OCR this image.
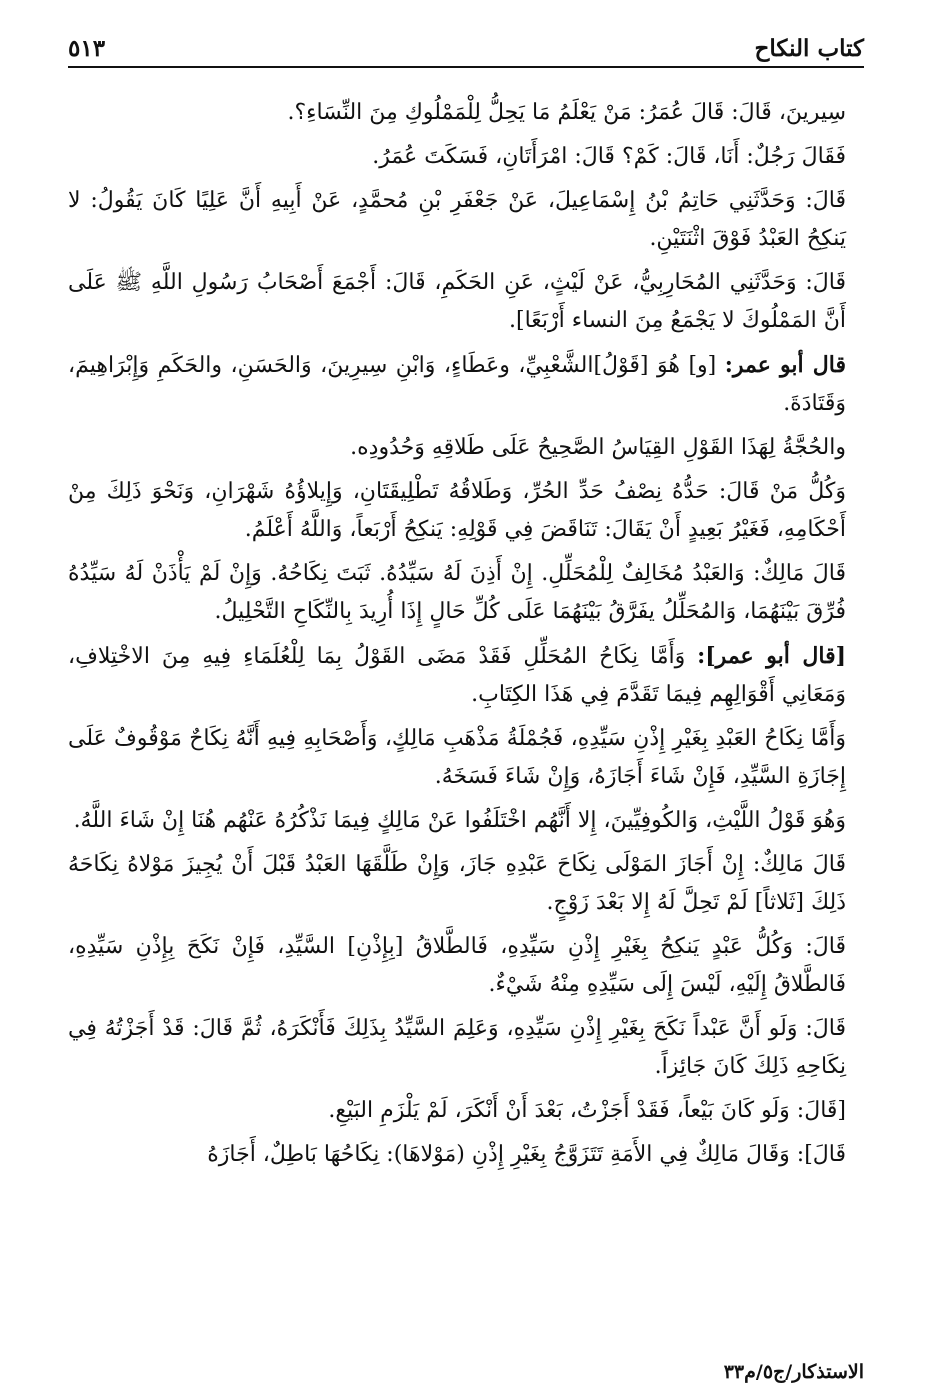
كتاب النكاح
٥١٣

سِيرينَ، قَالَ: قَالَ عُمَرُ: مَنْ يَعْلَمُ مَا يَحِلُّ لِلْمَمْلُوكِ مِنَ النِّسَاءِ؟.

فَقَالَ رَجُلٌ: أَنَا، قَالَ: كَمْ؟ قَالَ: امْرَأَتَانِ، فَسَكَتَ عُمَرُ.

قَالَ: وَحَدَّثَنِي حَاتِمُ بْنُ إِسْمَاعِيلَ، عَنْ جَعْفَرِ بْنِ مُحمَّدٍ، عَنْ أَبِيهِ أَنَّ عَلِيًا كَانَ يَقُولُ: لا يَنكِحُ العَبْدُ فَوْقَ اثْنَتَيْنِ.

قَالَ: وَحَدَّثَنِي المُحَارِبِيُّ، عَنْ لَيْثٍ، عَنِ الحَكَمِ، قَالَ: أَجْمَعَ أَصْحَابُ رَسُولِ اللَّهِ ﷺ عَلَى أَنَّ المَمْلُوكَ لا يَجْمَعُ مِنَ النساء أَرْبَعًا].

قال أبو عمر: [و] هُوَ [قَوْلُ]الشَّعْبِيِّ، وعَطَاءٍ، وَابْنِ سِيرِينَ، وَالحَسَنِ، والحَكَمِ وَإِبْرَاهِيمَ، وَقَتَادَةَ.

والحُجَّةُ لِهَذَا القَوْلِ القِيَاسُ الصَّحِيحُ عَلَى طَلاقِهِ وَحُدُودِه.

وَكُلُّ مَنْ قَالَ: حَدُّهُ نِصْفُ حَدِّ الحُرِّ، وَطَلاقُهُ تَطْلِيقَتَانِ، وَإِيلاؤُهُ شَهْرَانِ، وَنَحْوَ ذَلِكَ مِنْ أَحْكَامِهِ، فَغَيْرُ بَعِيدٍ أَنْ يَقَالَ: تَنَاقَضَ فِي قَوْلِهِ: يَنكِحُ أَرْبَعاً، وَاللَّهُ أَعْلَمُ.

قَالَ مَالِكٌ: وَالعَبْدُ مُخَالِفٌ لِلْمُحَلِّلِ. إِنْ أَذِنَ لَهُ سَيِّدُهُ. ثَبَتَ نِكَاحُهُ. وَإِنْ لَمْ يَأْذَنْ لَهُ سَيِّدُهُ فُرِّقَ بَيْنَهُمَا، وَالمُحَلِّلُ يفَرَّقُ بَيْنَهُمَا عَلَى كُلِّ حَالٍ إِذَا أُرِيدَ بِالنِّكَاحِ التَّحْلِيلُ.

[قال أبو عمر]: وَأَمَّا نِكَاحُ المُحَلِّلِ فَقَدْ مَضَى القَوْلُ بِمَا لِلْعُلَمَاءِ فِيهِ مِنَ الاخْتِلافِ، وَمَعَانِي أَقْوَالِهِم فِيمَا تَقَدَّمَ فِي هَذَا الكِتَابِ.

وَأَمَّا نِكَاحُ العَبْدِ بِغَيْرِ إِذْنِ سَيِّدِهِ، فَجُمْلَةُ مَذْهَبِ مَالِكٍ، وَأَصْحَابِهِ فِيهِ أَنَّهُ نِكَاحٌ مَوْقُوفٌ عَلَى إِجَازَةِ السَّيِّدِ، فَإِنْ شَاءَ أَجَازَهُ، وَإِنْ شَاءَ فَسَخَهُ.

وَهُوَ قَوْلُ اللَّيْثِ، وَالكُوفِيِّينَ، إِلا أَنَّهُم اخْتَلَفُوا عَنْ مَالِكٍ فِيمَا نَذْكُرُهُ عَنْهُم هُنَا إِنْ شَاءَ اللَّهُ.

قَالَ مَالِكٌ: إِنْ أَجَازَ المَوْلَى نِكَاحَ عَبْدِهِ جَازَ، وَإِنْ طَلَّقَهَا العَبْدُ قَبْلَ أَنْ يُجِيزَ مَوْلاهُ نِكَاحَهُ ذَلِكَ [ثَلاثاً] لَمْ تَحِلَّ لَهُ إِلا بَعْدَ زَوْجٍ.

قَالَ: وَكُلُّ عَبْدٍ يَنكِحُ بِغَيْرِ إِذْنِ سَيِّدِهِ، فَالطَّلاقُ [بِإِذْنِ] السَّيِّدِ، فَإِنْ نَكَحَ بِإِذْنِ سَيِّدِهِ، فَالطَّلاقُ إِلَيْهِ، لَيْسَ إِلَى سَيِّدِهِ مِنْهُ شَيْءٌ.

قَالَ: وَلَو أَنَّ عَبْداً نَكَحَ بِغَيْرِ إِذْنِ سَيِّدِهِ، وَعَلِمَ السَّيِّدُ بِذَلِكَ فَأَنْكَرَهُ، ثُمَّ قَالَ: قَدْ أَجَزْتُهُ فِي نِكَاحِهِ ذَلِكَ كَانَ جَائِزاً.

[قَالَ: وَلَو كَانَ بَيْعاً، فَقَدْ أَجَزْتُ، بَعْدَ أَنْ أَنْكَرَ، لَمْ يَلْزَمِ البَيْعِ.

قَالَ]: وَقَالَ مَالِكٌ فِي الأَمَةِ تَتَزَوَّجُ بِغَيْرِ إِذْنِ (مَوْلاهَا): نِكَاحُهَا بَاطِلٌ، أَجَازَهُ

الاستذكار/ج٥/م٣٣
